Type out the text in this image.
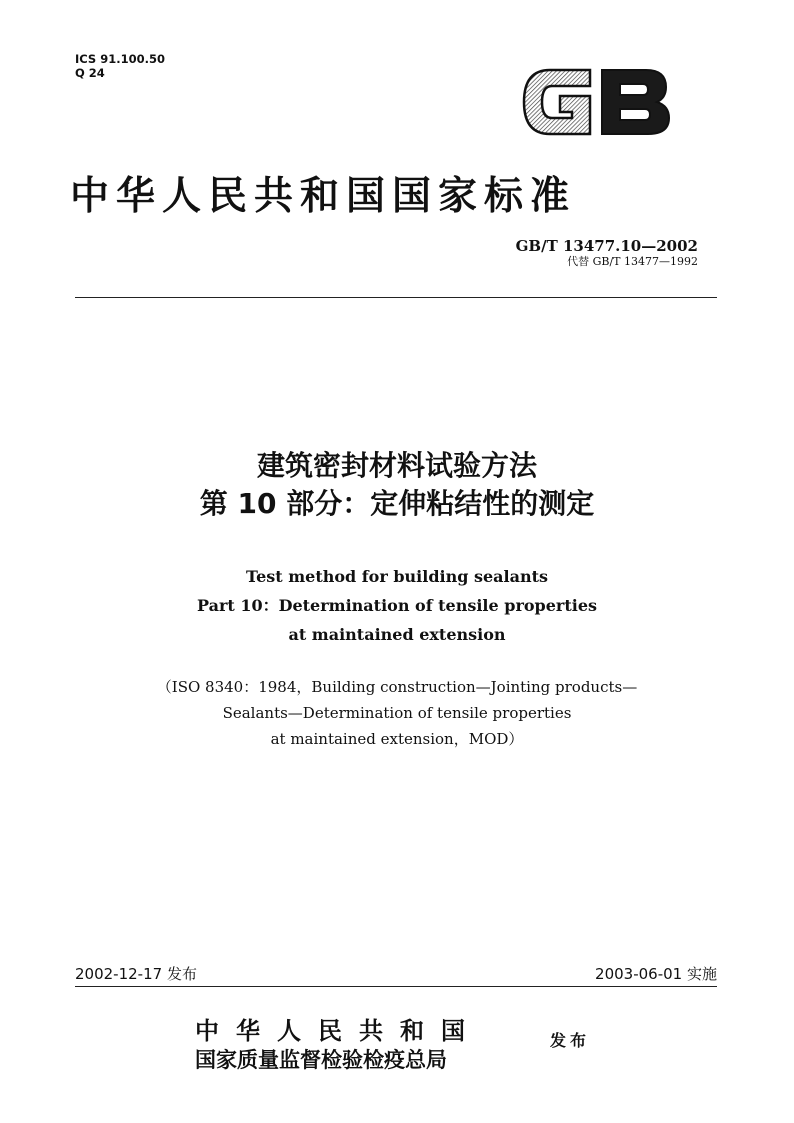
ICS 91.100.50
Q 24
中华人民共和国国家标准
GB/T 13477.10—2002
代替 GB/T 13477—1992
建筑密封材料试验方法
第 10 部分：定伸粘结性的测定
Test method for building sealants
Part 10：Determination of tensile properties
at maintained extension
（ISO 8340：1984，Building construction—Jointing products—
Sealants—Determination of tensile properties
at maintained extension，MOD）
2002-12-17 发布	2003-06-01 实施
中华人民共和国
国家质量监督检验检疫总局
发布
